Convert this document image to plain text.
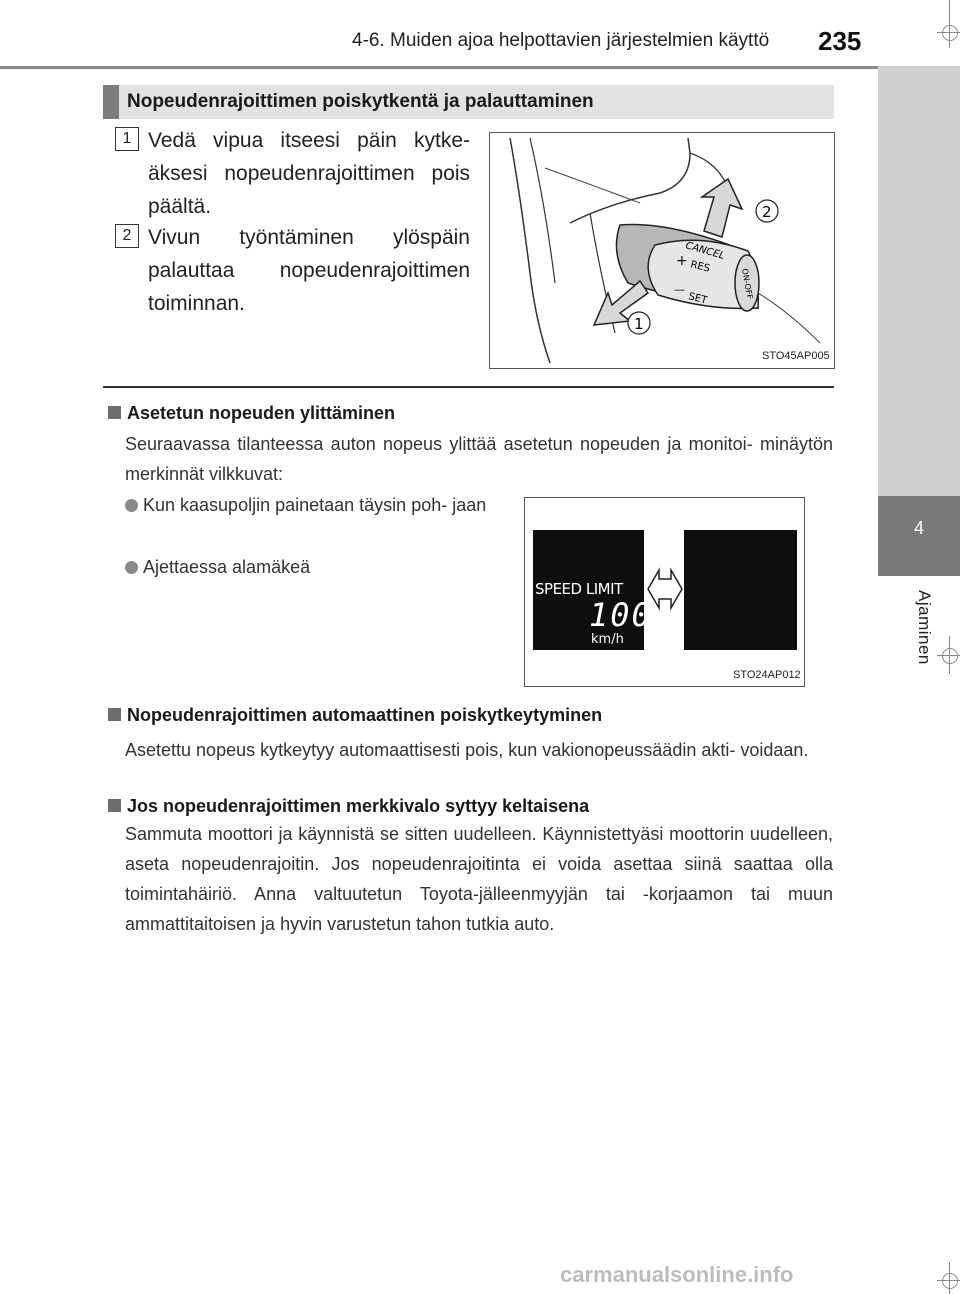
4-6. Muiden ajoa helpottavien järjestelmien käyttö 235
4
Ajaminen
Nopeudenrajoittimen poiskytkentä ja palauttaminen
1 Vedä vipua itseesi päin kytke- äksesi nopeudenrajoittimen pois päältä.
2 Vivun työntäminen ylöspäin palauttaa nopeudenrajoittimen toiminnan.
CANCEL
RES
+
SET
—	ON-OFF
2
1
STO45AP005
Asetetun nopeuden ylittäminen
Seuraavassa tilanteessa auton nopeus ylittää asetetun nopeuden ja monitoi- minäytön merkinnät vilkkuvat:
Kun kaasupoljin painetaan täysin poh- jaan
Ajettaessa alamäkeä
SPEED LIMIT
100
km/h
STO24AP012
Nopeudenrajoittimen automaattinen poiskytkeytyminen
Asetettu nopeus kytkeytyy automaattisesti pois, kun vakionopeussäädin akti- voidaan.
Jos nopeudenrajoittimen merkkivalo syttyy keltaisena
Sammuta moottori ja käynnistä se sitten uudelleen. Käynnistettyäsi moottorin uudelleen, aseta nopeudenrajoitin. Jos nopeudenrajoitinta ei voida asettaa siinä saattaa olla toimintahäiriö. Anna valtuutetun Toyota-jälleenmyyjän tai -korjaamon tai muun ammattitaitoisen ja hyvin varustetun tahon tutkia auto.
carmanualsonline.info
